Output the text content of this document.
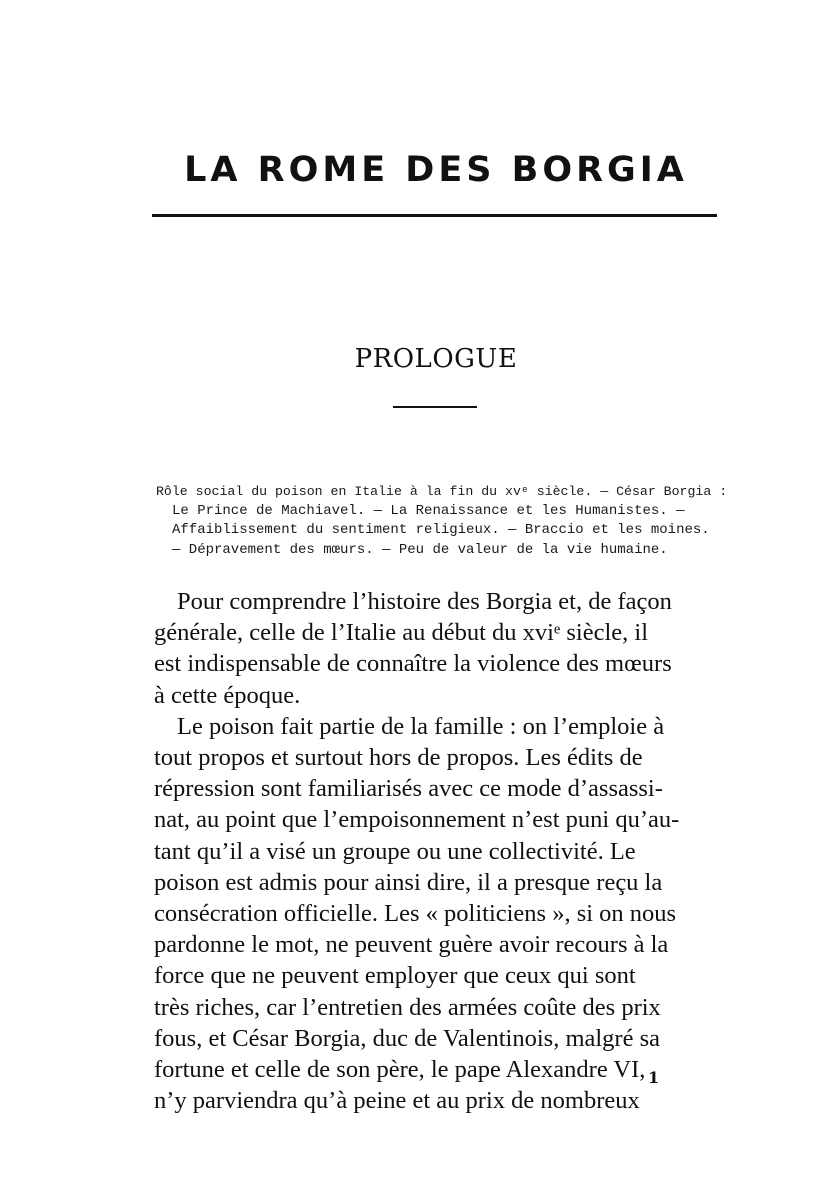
LA ROME DES BORGIA
PROLOGUE
Rôle social du poison en Italie à la fin du xvᵉ siècle. — César Borgia :
Le Prince de Machiavel. — La Renaissance et les Humanistes. —
Affaiblissement du sentiment religieux. — Braccio et les moines.
— Dépravement des mœurs. — Peu de valeur de la vie humaine.
Pour comprendre l’histoire des Borgia et, de façon
générale, celle de l’Italie au début du xviᵉ siècle, il
est indispensable de connaître la violence des mœurs
à cette époque.
Le poison fait partie de la famille : on l’emploie à
tout propos et surtout hors de propos. Les édits de
répression sont familiarisés avec ce mode d’assassi-
nat, au point que l’empoisonnement n’est puni qu’au-
tant qu’il a visé un groupe ou une collectivité. Le
poison est admis pour ainsi dire, il a presque reçu la
consécration officielle. Les « politiciens », si on nous
pardonne le mot, ne peuvent guère avoir recours à la
force que ne peuvent employer que ceux qui sont
très riches, car l’entretien des armées coûte des prix
fous, et César Borgia, duc de Valentinois, malgré sa
fortune et celle de son père, le pape Alexandre VI,
n’y parviendra qu’à peine et au prix de nombreux
1
